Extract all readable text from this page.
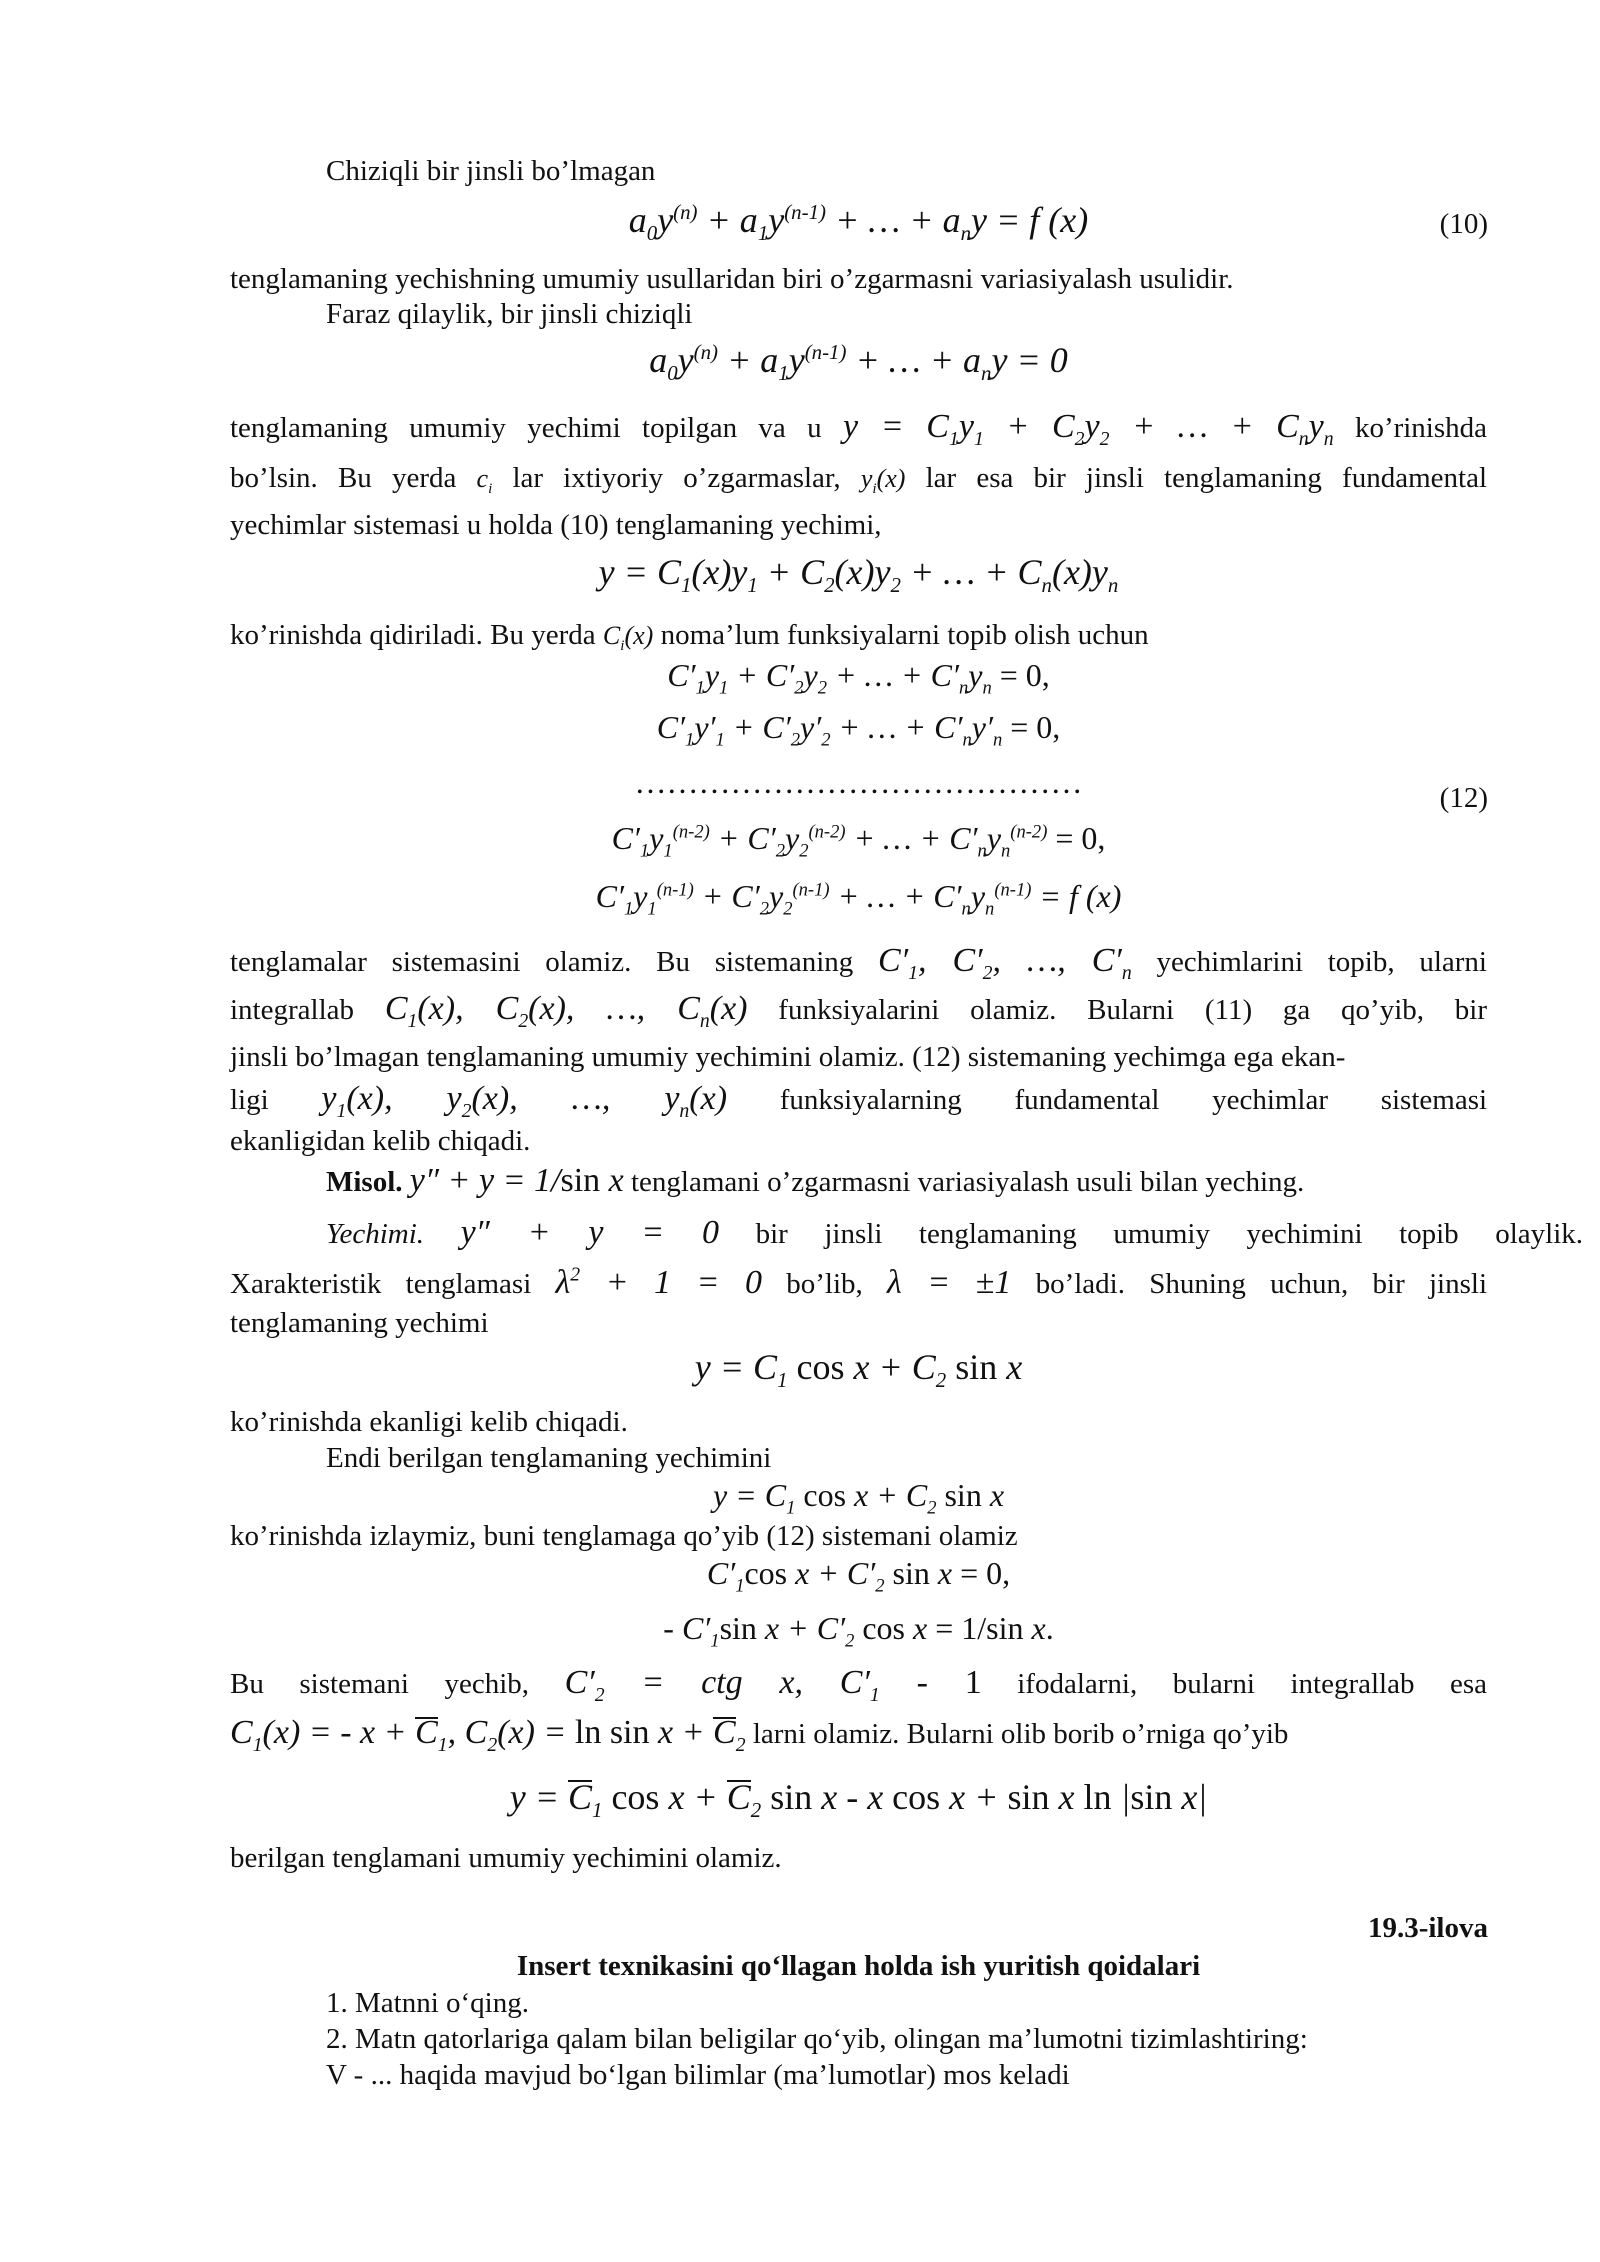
Chiziqli bir jinsli bo’lmagan
$a_0y^{(n)} + a_1y^{(n-1)}$ + … + $a_ny = f$ (x)	(10)
tenglamaning yechishning umumiy usullaridan biri o’zgarmasni variasiyalash usulidir.
Faraz qilaylik, bir jinsli chiziqli
$a_0y^{(n)} + a_1y^{(n-1)}$ + … + $a_ny = 0$
tenglamaning umumiy yechimi topilgan va u $y = C_1y_1 + C_2y_2$ + … + $C_ny_n$ ko’rinishda
bo’lsin. Bu yerda $c_i$ lar ixtiyoriy o’zgarmaslar, $y_i(x)$ lar esa bir jinsli tenglamaning fundamental
yechimlar sistemasi u holda (10) tenglamaning yechimi,
$y = C_1(x)y_1 + C_2(x)y_2$ + … + $C_n(x)y_n$
ko’rinishda qidiriladi. Bu yerda $C_i(x)$ noma’lum funksiyalarni topib olish uchun
$C'_1y_1 + C'_2y_2$ + … + $C'_ny_n = 0$,
$C'_1y'_1 + C'_2y'_2$ + … + $C'_ny'_n = 0$,
……………………………………	(12)
$C'_1y_1^{(n-2)} + C'_2y_2^{(n-2)}$ + … + $C'_ny_n^{(n-2)} = 0$,
$C'_1y_1^{(n-1)} + C'_2y_2^{(n-1)}$ + … + $C'_ny_n^{(n-1)} = f$ (x)
tenglamalar sistemasini olamiz. Bu sistemaning $C'_1$, $C'_2$, …, $C'_n$ yechimlarini topib, ularni
integrallab $C_1(x)$, $C_2(x)$, …, $C_n(x)$ funksiyalarini olamiz. Bularni (11) ga qo’yib, bir
jinsli bo’lmagan tenglamaning umumiy yechimini olamiz. (12) sistemaning yechimga ega ekan-
ligi $y_1(x)$, $y_2(x)$, …, $y_n(x)$ funksiyalarning fundamental yechimlar sistemasi
ekanligidan kelib chiqadi.
Misol. y″ + y = 1/sin x tenglamani o’zgarmasni variasiyalash usuli bilan yeching.
Yechimi. y″ + y = 0 bir jinsli tenglamaning umumiy yechimini topib olaylik.
Xarakteristik tenglamasi $\lambda^2 + 1 = 0$ bo’lib, λ = ±1 bo’ladi. Shuning uchun, bir jinsli
tenglamaning yechimi
$y = C_1$ $\cos x + C_2$ sin x
ko’rinishda ekanligi kelib chiqadi.
Endi berilgan tenglamaning yechimini
$y = C_1$ $\cos x + C_2$ sin x
ko’rinishda izlaymiz, buni tenglamaga qo’yib (12) sistemani olamiz
$C'_1\cos$ $x + C'_2$ sin x = 0,
- $C'_1\sin$ $x + C'_2$ cos x = 1/sin x.
Bu sistemani yechib, $C'_2$ = ctg x, $C'_1 - 1$ ifodalarni, bularni integrallab esa
$C_1(x)$ = - $x + C_1$, $C_2(x) = \ln \sin x + C_2$ larni olamiz. Bularni olib borib o’rniga qo’yib
$y = C_1$ $\cos x + C_2$ sin x - x cos x + sin x ln |sin x|
berilgan tenglamani umumiy yechimini olamiz.
19.3-ilova
Insert texnikasini qo‘llagan holda ish yuritish qoidalari
1. Matnni o‘qing.
2. Matn qatorlariga qalam bilan beligilar qo‘yib, olingan ma’lumotni tizimlashtiring:
V - ... haqida mavjud bo‘lgan bilimlar (ma’lumotlar) mos keladi
